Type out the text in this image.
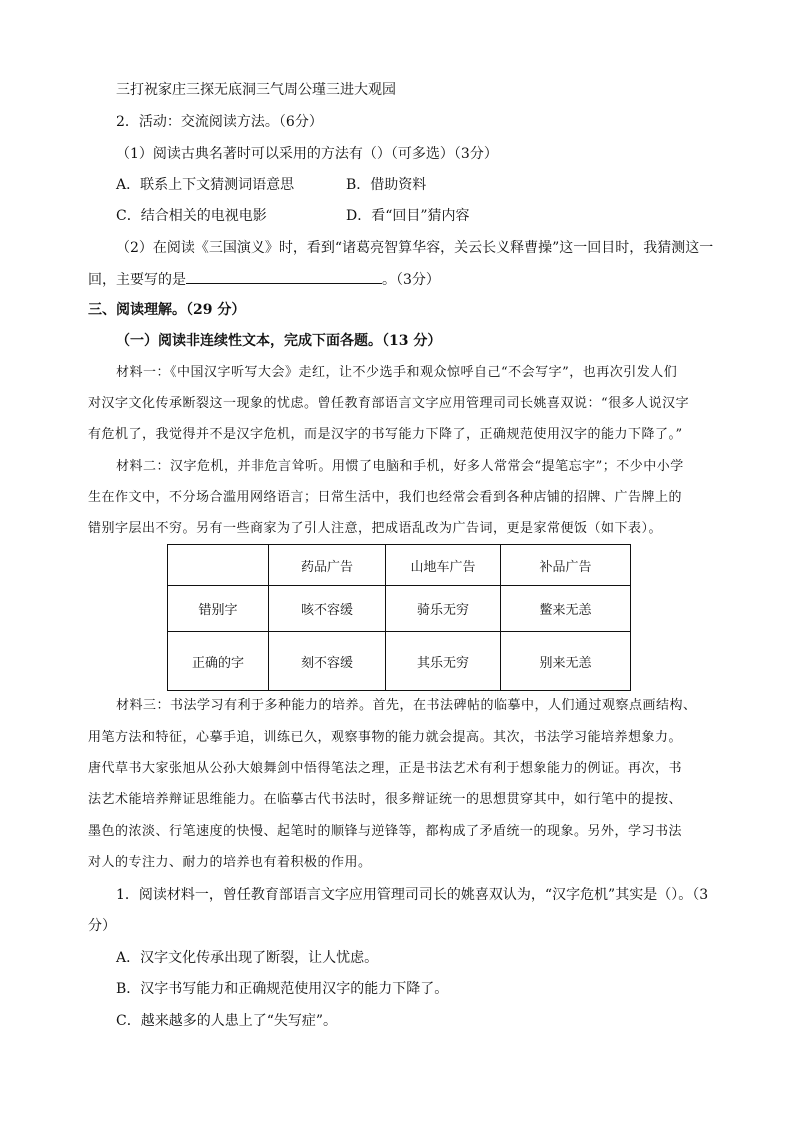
三打祝家庄三探无底洞三气周公瑾三进大观园
2．活动：交流阅读方法。（6分）
（1）阅读古典名著时可以采用的方法有（）（可多选）（3分）
A．联系上下文猜测词语意思	B．借助资料
C．结合相关的电视电影	D．看“回目”猜内容
（2）在阅读《三国演义》时，看到“诸葛亮智算华容，关云长义释曹操”这一回目时，我猜测这一
回，主要写的是	。（3分）
三、阅读理解。（29 分）
（一）阅读非连续性文本，完成下面各题。（13 分）
材料一：《中国汉字听写大会》走红，让不少选手和观众惊呼自己“不会写字”，也再次引发人们
对汉字文化传承断裂这一现象的忧虑。曾任教育部语言文字应用管理司司长姚喜双说：“很多人说汉字
有危机了，我觉得并不是汉字危机，而是汉字的书写能力下降了，正确规范使用汉字的能力下降了。”
材料二：汉字危机，并非危言耸听。用惯了电脑和手机，好多人常常会“提笔忘字”；不少中小学
生在作文中，不分场合滥用网络语言；日常生活中，我们也经常会看到各种店铺的招牌、广告牌上的
错别字层出不穷。另有一些商家为了引人注意，把成语乱改为广告词，更是家常便饭（如下表）。
	药品广告	山地车广告	补品广告
错别字	咳不容缓	骑乐无穷	鳖来无恙
正确的字	刻不容缓	其乐无穷	别来无恙
材料三：书法学习有利于多种能力的培养。首先，在书法碑帖的临摹中，人们通过观察点画结构、
用笔方法和特征，心摹手追，训练已久，观察事物的能力就会提高。其次，书法学习能培养想象力。
唐代草书大家张旭从公孙大娘舞剑中悟得笔法之理，正是书法艺术有利于想象能力的例证。再次，书
法艺术能培养辩证思维能力。在临摹古代书法时，很多辩证统一的思想贯穿其中，如行笔中的提按、
墨色的浓淡、行笔速度的快慢、起笔时的顺锋与逆锋等，都构成了矛盾统一的现象。另外，学习书法
对人的专注力、耐力的培养也有着积极的作用。
1．阅读材料一，曾任教育部语言文字应用管理司司长的姚喜双认为，“汉字危机”其实是（）。（3
分）
A．汉字文化传承出现了断裂，让人忧虑。
B．汉字书写能力和正确规范使用汉字的能力下降了。
C．越来越多的人患上了“失写症”。
